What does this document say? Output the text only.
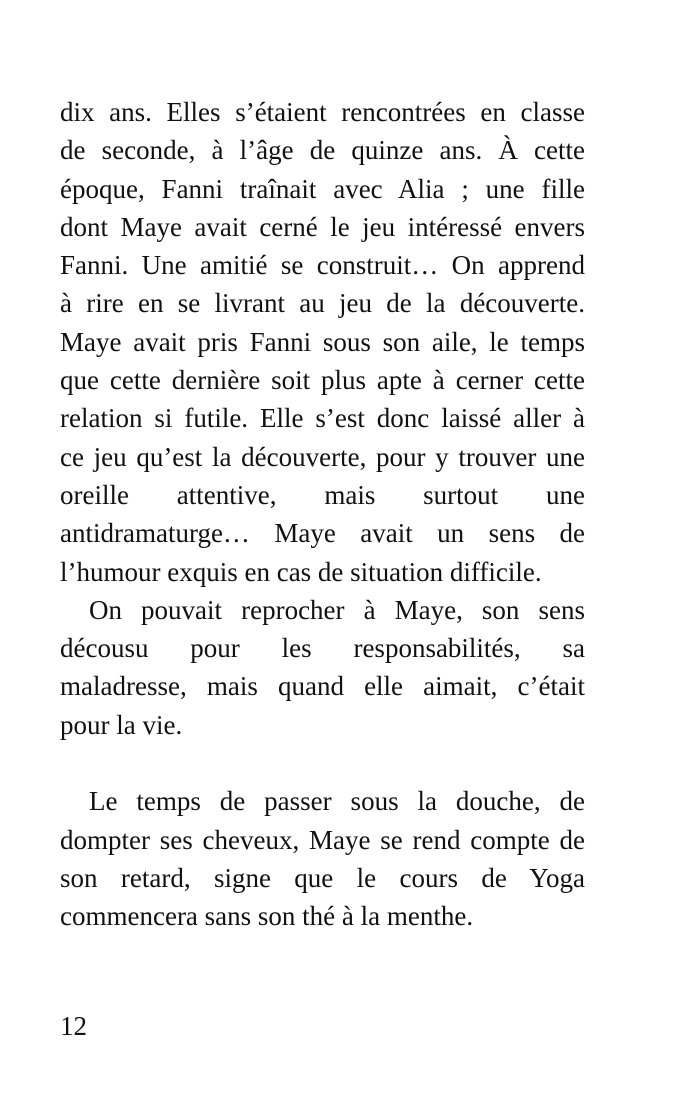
dix ans. Elles s’étaient rencontrées en classe
de seconde, à l’âge de quinze ans. À cette
époque, Fanni traînait avec Alia ; une fille
dont Maye avait cerné le jeu intéressé envers
Fanni. Une amitié se construit… On apprend
à rire en se livrant au jeu de la découverte.
Maye avait pris Fanni sous son aile, le temps
que cette dernière soit plus apte à cerner cette
relation si futile. Elle s’est donc laissé aller à
ce jeu qu’est la découverte, pour y trouver une
oreille attentive, mais surtout une
antidramaturge… Maye avait un sens de
l’humour exquis en cas de situation difficile.
On pouvait reprocher à Maye, son sens
décousu pour les responsabilités, sa
maladresse, mais quand elle aimait, c’était
pour la vie.
Le temps de passer sous la douche, de
dompter ses cheveux, Maye se rend compte de
son retard, signe que le cours de Yoga
commencera sans son thé à la menthe.
12
